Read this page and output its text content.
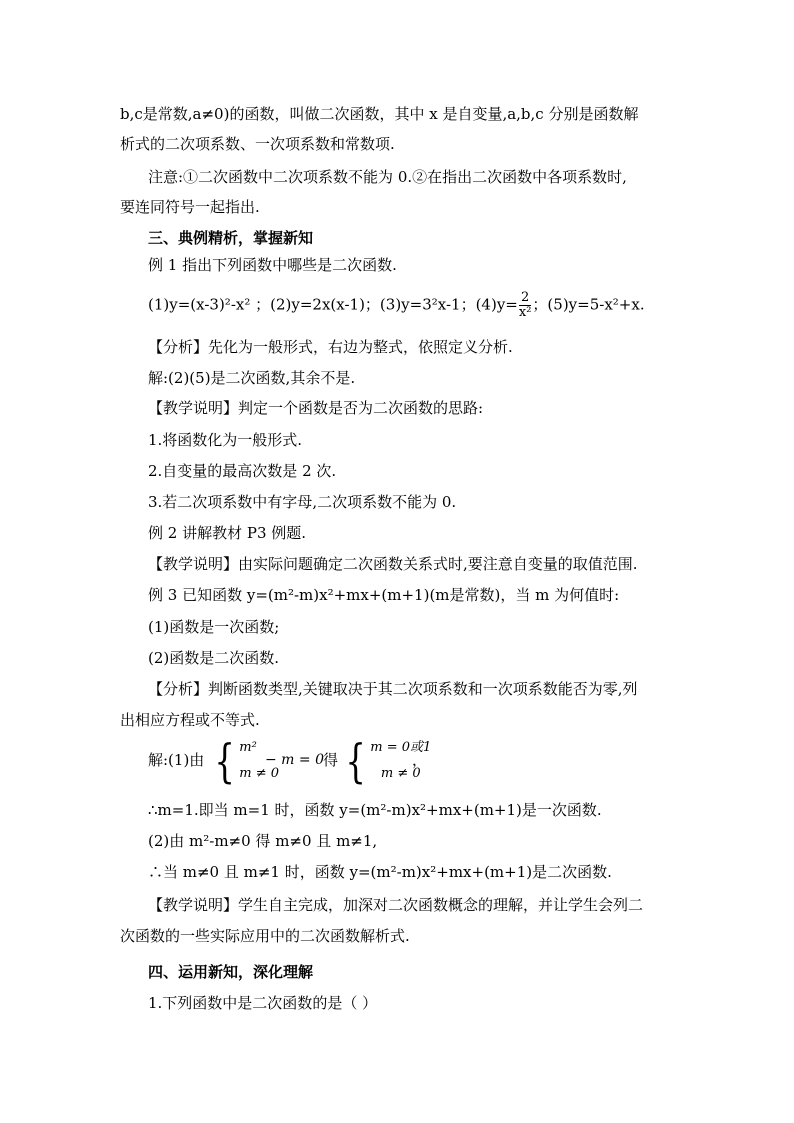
b,c是常数,a≠0)的函数，叫做二次函数，其中 x 是自变量,a,b,c 分别是函数解
析式的二次项系数、一次项系数和常数项.
注意:①二次函数中二次项系数不能为 0.②在指出二次函数中各项系数时,
要连同符号一起指出.
三、典例精析，掌握新知
例 1 指出下列函数中哪些是二次函数.
(1)y=(x-3)²-x² ；(2)y=2x(x-1)；(3)y=3²x-1；$(4)y= \frac{2}{\text{x²}}$ ；(5)y=5-x²+x.
【分析】先化为一般形式，右边为整式，依照定义分析.
解:(2)(5)是二次函数,其余不是.
【教学说明】判定一个函数是否为二次函数的思路:
1.将函数化为一般形式.
2.自变量的最高次数是 2 次.
3.若二次项系数中有字母,二次项系数不能为 0.
例 2 讲解教材 P3 例题.
【教学说明】由实际问题确定二次函数关系式时,要注意自变量的取值范围.
例 3 已知函数 y=(m²-m)x²+mx+(m+1)(m是常数)，当 m 为何值时:
(1)函数是一次函数;
(2)函数是二次函数.
【分析】判断函数类型,关键取决于其二次项系数和一次项系数能否为零,列
出相应方程或不等式.
解:(1)由 { m²
m ≠ 0
− m = 0 得 { m = 0或1
m ≠ 0
，
∴m=1.即当 m=1 时，函数 y=(m²-m)x²+mx+(m+1)是一次函数.
(2)由 m²-m≠0 得 m≠0 且 m≠1,
∴当 m≠0 且 m≠1 时，函数 y=(m²-m)x²+mx+(m+1)是二次函数.
【教学说明】学生自主完成，加深对二次函数概念的理解，并让学生会列二
次函数的一些实际应用中的二次函数解析式.
四、运用新知，深化理解
1.下列函数中是二次函数的是（ ）
